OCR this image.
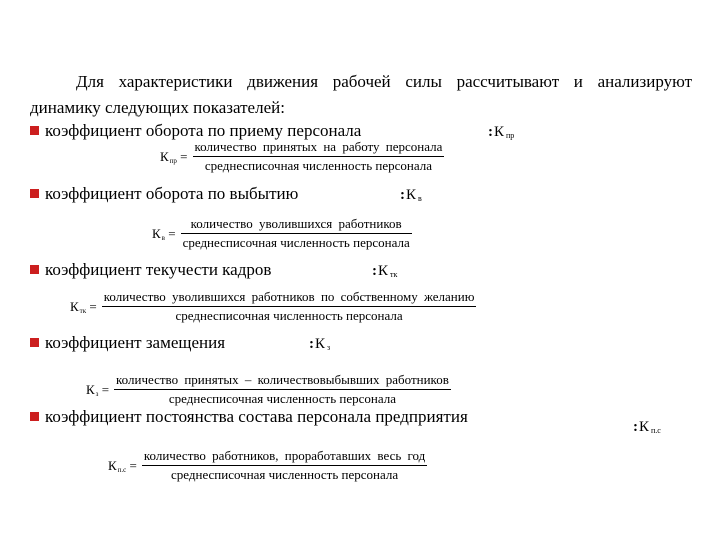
Для характеристики движения рабочей силы рассчитывают и анализируют динамику следующих показателей:

коэффициент оборота по приему персонала	:К $_{пр}$
$К_{пр} = \frac{\text{количество принятых на работу персонала}}{\text{среднесписочная численность персонала}}$
коэффициент оборота по выбытию	:К $_в$
$К_в = \frac{\text{количество уволившихся работников}}{\text{среднесписочная численность персонала}}$
коэффициент текучести кадров	:К $_{тк}$
$К_{тк} = \frac{\text{количество уволившихся работников по собственному желанию}}{\text{среднесписочная численность персонала}}$
коэффициент замещения	:К $_з$
$К_з = \frac{\text{количество принятых – количествовыбывших работников}}{\text{среднесписочная численность персонала}}$
коэффициент постоянства состава персонала предприятия
:К $_{п.с}$
$К_{п.с} = \frac{\text{количество работников, проработавших весь год}}{\text{среднесписочная численность персонала}}$
